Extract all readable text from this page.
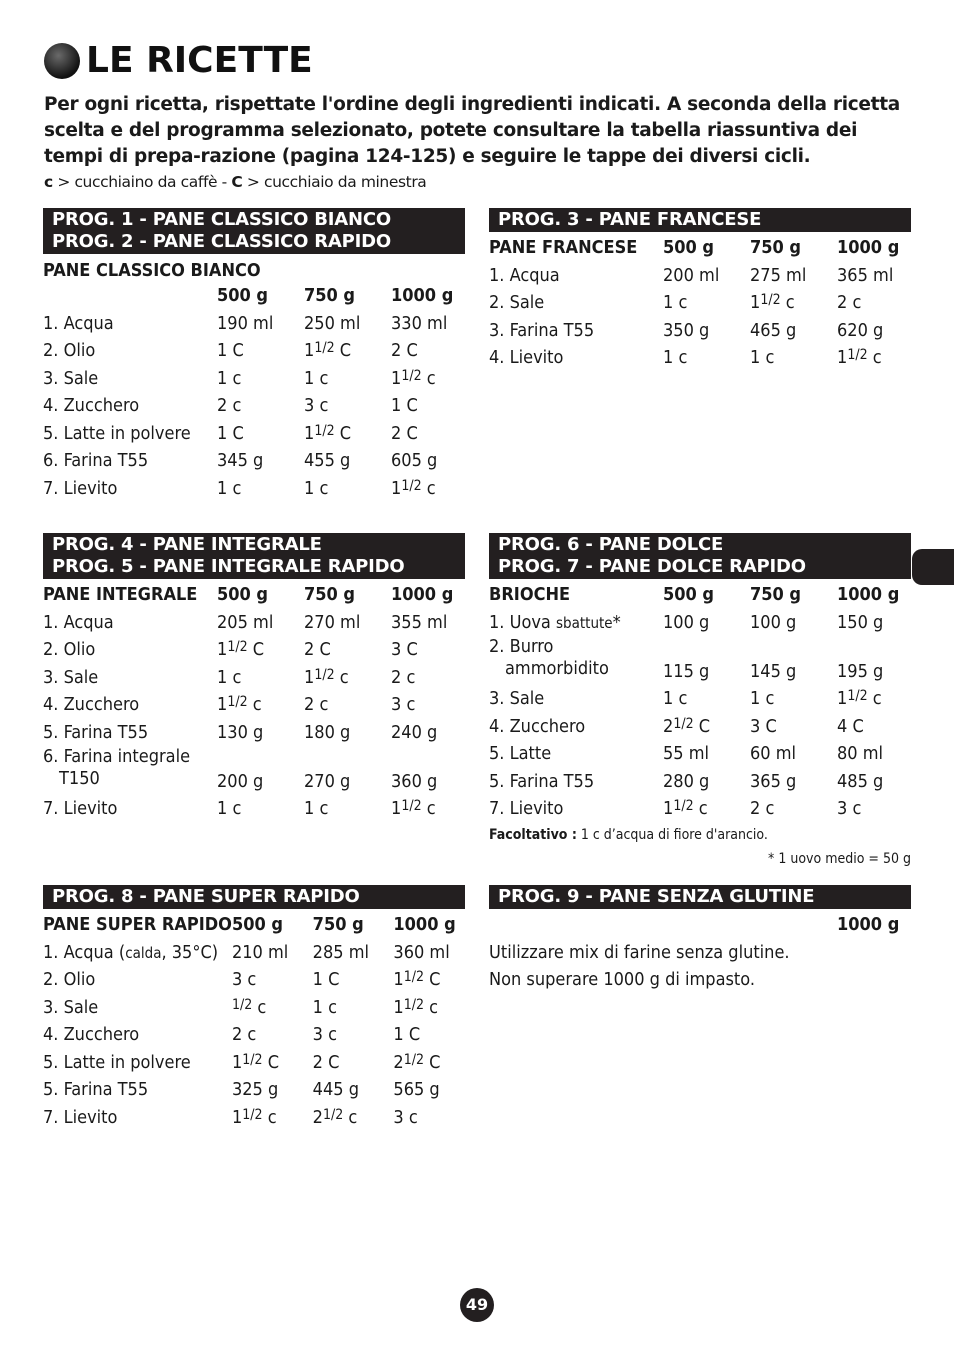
LE RICETTE
Per ogni ricetta, rispettate l'ordine degli ingredienti indicati. A seconda della ricetta scelta e del programma selezionato, potete consultare la tabella riassuntiva dei tempi di prepa-razione (pagina 124-125) e seguire le tappe dei diversi cicli.
c > cucchiaino da caffè - C > cucchiaio da minestra
PROG. 1 - PANE CLASSICO BIANCO
PROG. 2 - PANE CLASSICO RAPIDO
PANE CLASSICO BIANCO
	500 g	750 g	1000 g
1. Acqua	190 ml	250 ml	330 ml
2. Olio	1 C	$1^{1/2}$ C	2 C
3. Sale	1 c	1 c	$1^{1/2}$ c
4. Zucchero	2 c	3 c	1 C
5. Latte in polvere	1 C	$1^{1/2}$ C	2 C
6. Farina T55	345 g	455 g	605 g
7. Lievito	1 c	1 c	$1^{1/2}$ c
PROG. 3 - PANE FRANCESE
PANE FRANCESE	500 g	750 g	1000 g
1. Acqua	200 ml	275 ml	365 ml
2. Sale	1 c	$1^{1/2}$ c	2 c
3. Farina T55	350 g	465 g	620 g
4. Lievito	1 c	1 c	$1^{1/2}$ c
PROG. 4 - PANE INTEGRALE
PROG. 5 - PANE INTEGRALE RAPIDO
PANE INTEGRALE	500 g	750 g	1000 g
1. Acqua	205 ml	270 ml	355 ml
2. Olio	$1^{1/2}$ C	2 C	3 C
3. Sale	1 c	$1^{1/2}$ c	2 c
4. Zucchero	$1^{1/2}$ c	2 c	3 c
5. Farina T55	130 g	180 g	240 g
6. Farina integrale
T150	200 g	270 g	360 g
7. Lievito	1 c	1 c	$1^{1/2}$ c
PROG. 6 - PANE DOLCE
PROG. 7 - PANE DOLCE RAPIDO
BRIOCHE	500 g	750 g	1000 g
1. Uova sbattute*	100 g	100 g	150 g
2. Burro
ammorbidito	115 g	145 g	195 g
3. Sale	1 c	1 c	$1^{1/2}$ c
4. Zucchero	$2^{1/2}$ C	3 C	4 C
5. Latte	55 ml	60 ml	80 ml
5. Farina T55	280 g	365 g	485 g
7. Lievito	$1^{1/2}$ c	2 c	3 c
Facoltativo : 1 c d’acqua di fiore d'arancio.
* 1 uovo medio = 50 g
PROG. 8 - PANE SUPER RAPIDO
PANE SUPER RAPIDO	500 g	750 g	1000 g
1. Acqua (calda, 35°C)	210 ml	285 ml	360 ml
2. Olio	3 c	1 C	$1^{1/2}$ C
3. Sale	$^{1/2}$ c	1 c	$1^{1/2}$ c
4. Zucchero	2 c	3 c	1 C
5. Latte in polvere	$1^{1/2}$ C	2 C	$2^{1/2}$ C
5. Farina T55	325 g	445 g	565 g
7. Lievito	$1^{1/2}$ c	$2^{1/2}$ c	3 c
PROG. 9 - PANE SENZA GLUTINE
1000 g
Utilizzare mix di farine senza glutine.
Non superare 1000 g di impasto.
49
